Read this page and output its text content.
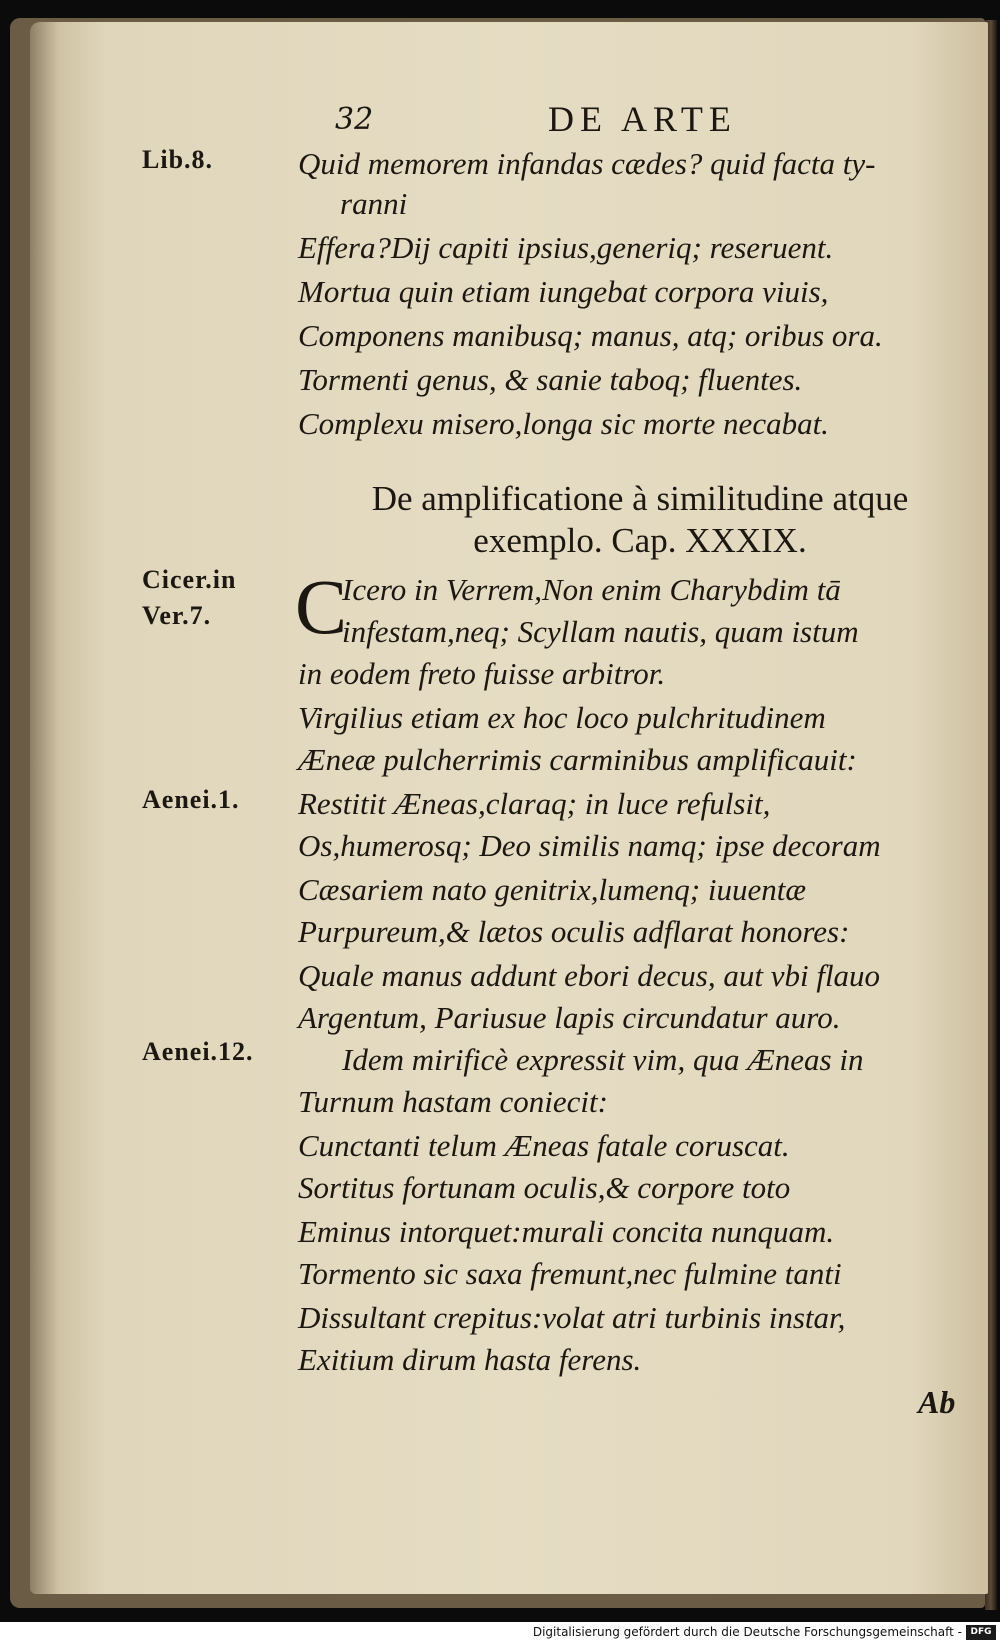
32	DE ARTE
Lib.8.
Cicer.in
Ver.7.
Aenei.1.
Aenei.12.
Quid memorem infandas cædes? quid facta ty-
ranni
Effera?Dij capiti ipsius,generiq; reseruent.
Mortua quin etiam iungebat corpora viuis,
Componens manibusq; manus, atq; oribus ora.
Tormenti genus, & sanie taboq; fluentes.
Complexu misero,longa sic morte necabat.
De amplificatione à similitudine atque
exemplo. Cap. XXXIX.
C
Icero in Verrem,Non enim Charybdim tā
infestam,neq; Scyllam nautis, quam istum
in eodem freto fuisse arbitror.
Virgilius etiam ex hoc loco pulchritudinem
Æneæ pulcherrimis carminibus amplificauit:
Restitit Æneas,claraq; in luce refulsit,
Os,humerosq; Deo similis namq; ipse decoram
Cæsariem nato genitrix,lumenq; iuuentæ
Purpureum,& lætos oculis adflarat honores:
Quale manus addunt ebori decus, aut vbi flauo
Argentum, Pariusue lapis circundatur auro.
Idem mirificè expressit vim, qua Æneas in
Turnum hastam coniecit:
Cunctanti telum Æneas fatale coruscat.
Sortitus fortunam oculis,& corpore toto
Eminus intorquet:murali concita nunquam.
Tormento sic saxa fremunt,nec fulmine tanti
Dissultant crepitus:volat atri turbinis instar,
Exitium dirum hasta ferens.
Ab
Digitalisierung gefördert durch die Deutsche Forschungsgemeinschaft - DFG
